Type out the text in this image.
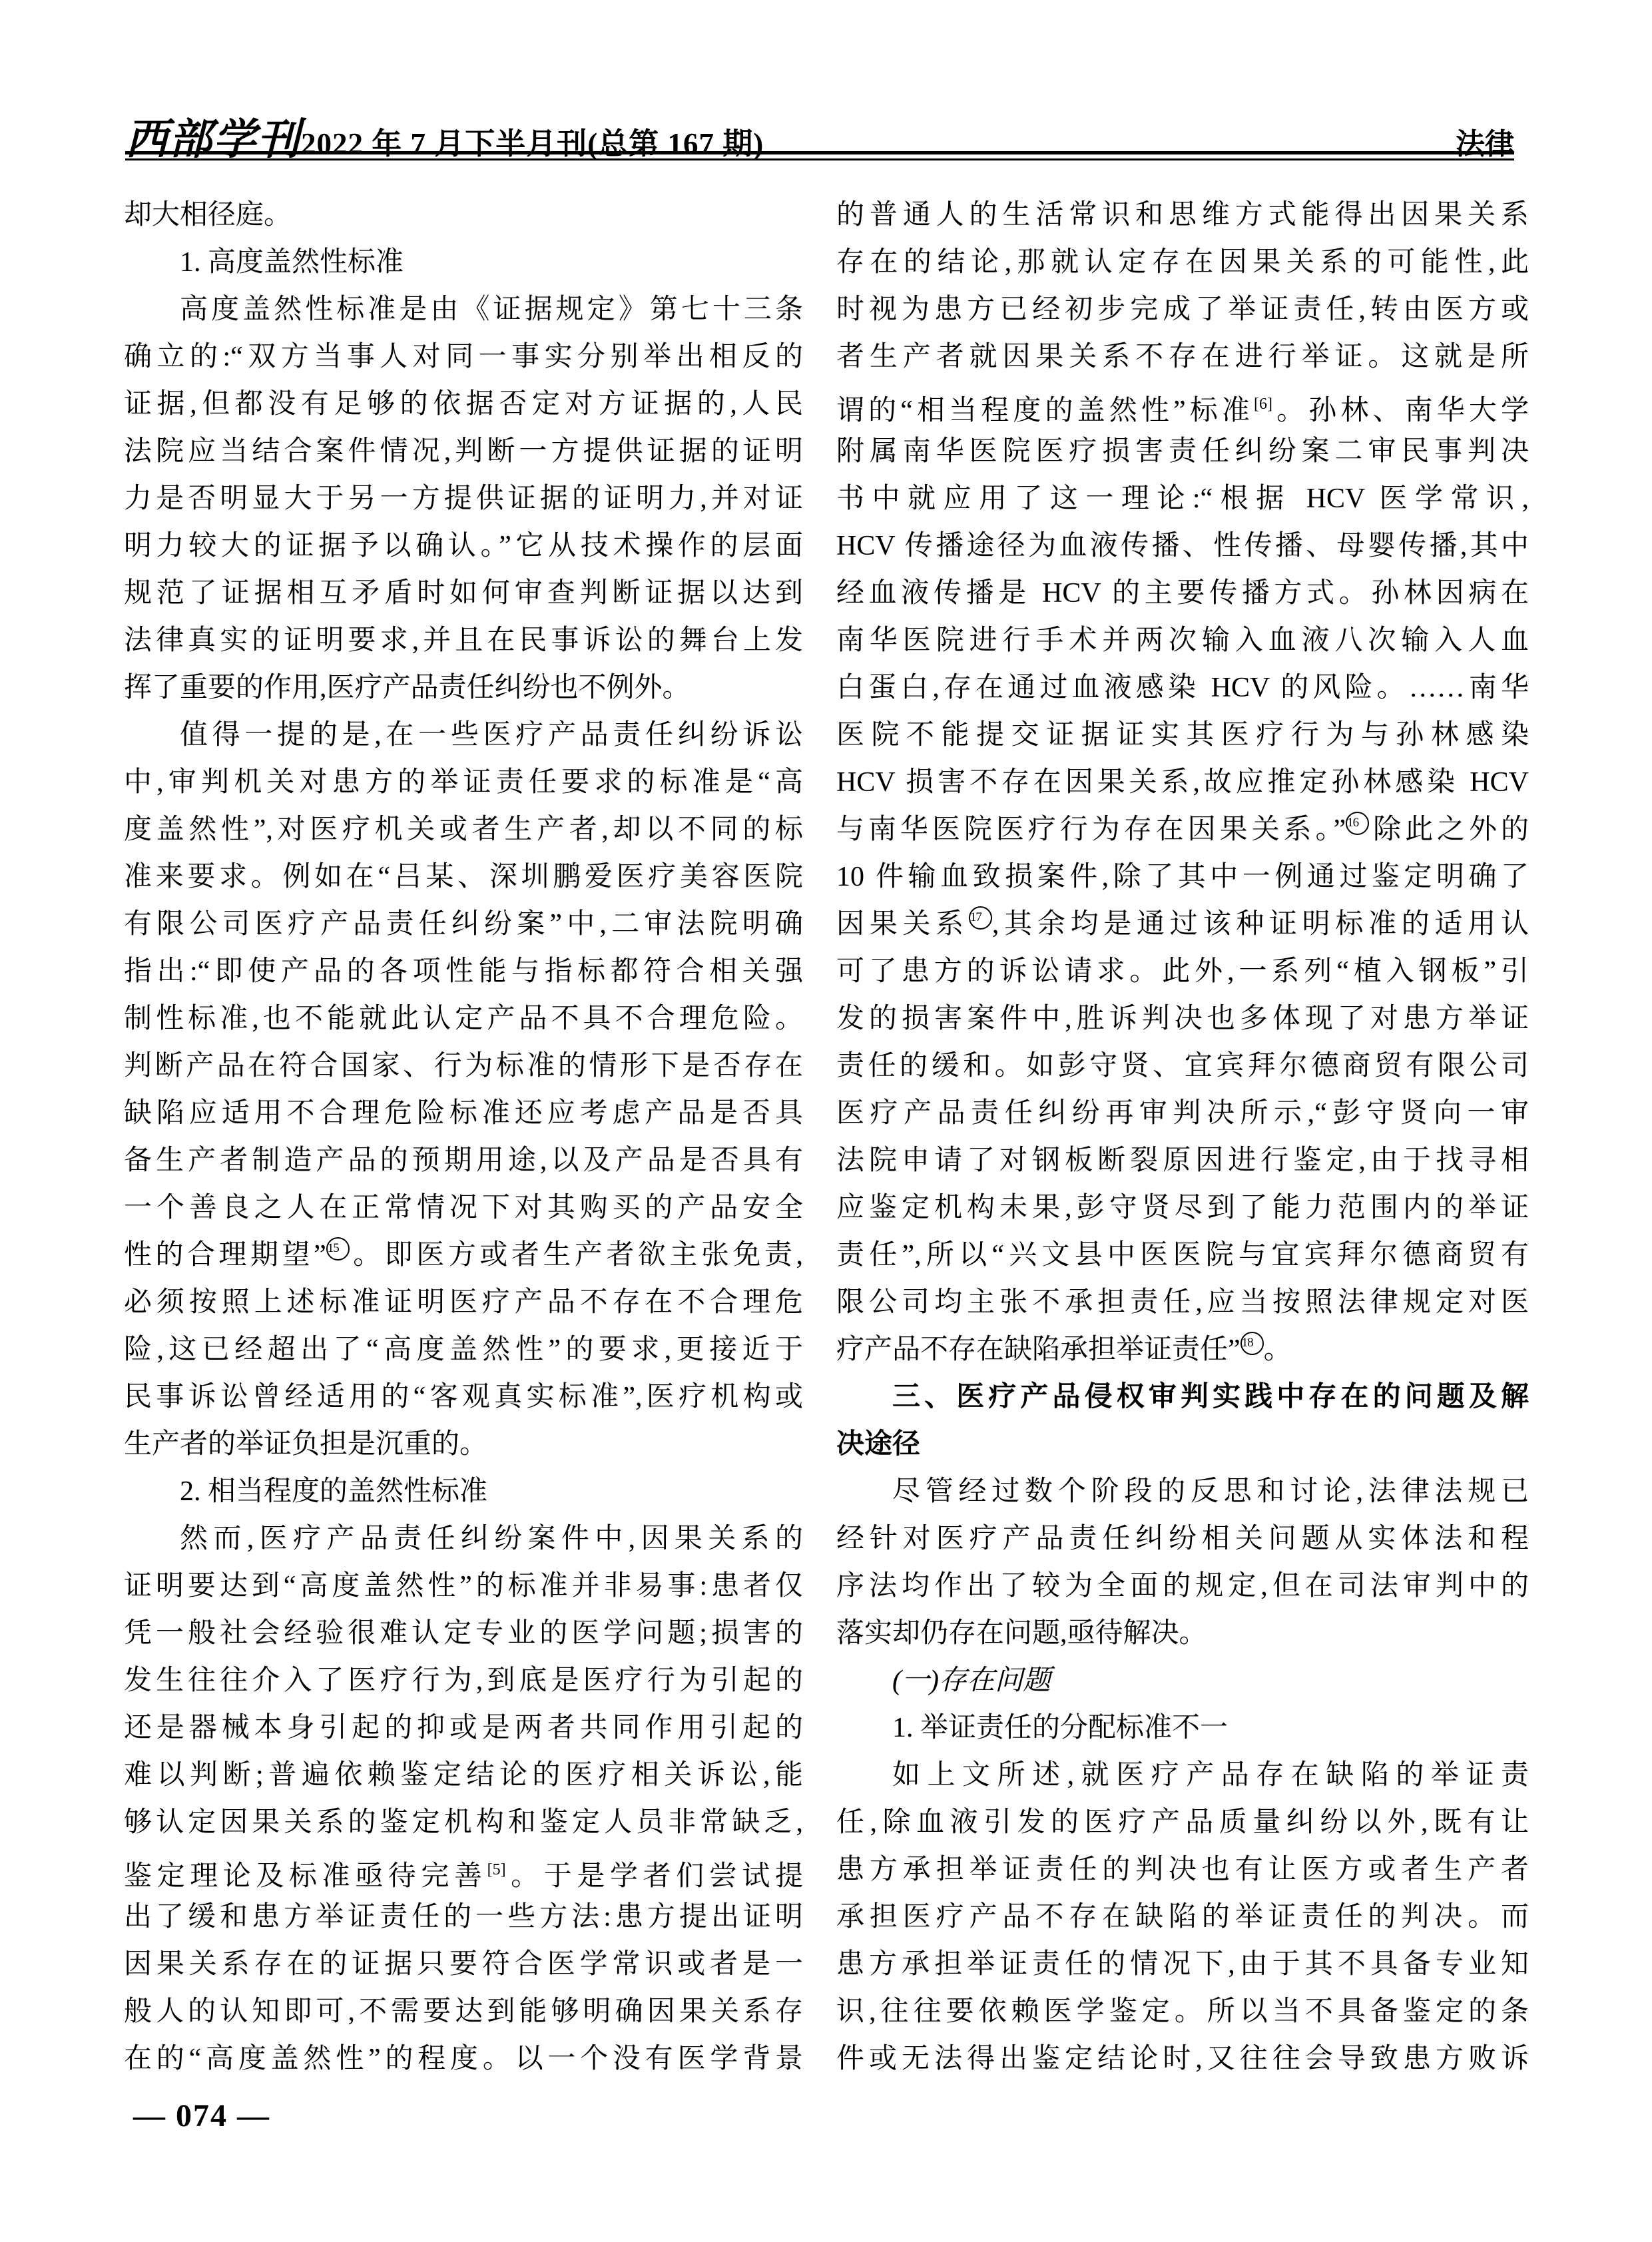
西部学刊 2022 年 7 月下半月刊(总第 167 期)	法律
却大相径庭。
1. 高度盖然性标准
高度盖然性标准是由《证据规定》第七十三条
确立的:“双方当事人对同一事实分别举出相反的
证据,但都没有足够的依据否定对方证据的,人民
法院应当结合案件情况,判断一方提供证据的证明
力是否明显大于另一方提供证据的证明力,并对证
明力较大的证据予以确认。”它从技术操作的层面
规范了证据相互矛盾时如何审查判断证据以达到
法律真实的证明要求,并且在民事诉讼的舞台上发
挥了重要的作用,医疗产品责任纠纷也不例外。
值得一提的是,在一些医疗产品责任纠纷诉讼
中,审判机关对患方的举证责任要求的标准是“高
度盖然性”,对医疗机关或者生产者,却以不同的标
准来要求。例如在“吕某、深圳鹏爱医疗美容医院
有限公司医疗产品责任纠纷案”中,二审法院明确
指出:“即使产品的各项性能与指标都符合相关强
制性标准,也不能就此认定产品不具不合理危险。
判断产品在符合国家、行为标准的情形下是否存在
缺陷应适用不合理危险标准还应考虑产品是否具
备生产者制造产品的预期用途,以及产品是否具有
一个善良之人在正常情况下对其购买的产品安全
性的合理期望” 15 。即医方或者生产者欲主张免责,
必须按照上述标准证明医疗产品不存在不合理危
险,这已经超出了“高度盖然性”的要求,更接近于
民事诉讼曾经适用的“客观真实标准”,医疗机构或
生产者的举证负担是沉重的。
2. 相当程度的盖然性标准
然而,医疗产品责任纠纷案件中,因果关系的
证明要达到“高度盖然性”的标准并非易事:患者仅
凭一般社会经验很难认定专业的医学问题;损害的
发生往往介入了医疗行为,到底是医疗行为引起的
还是器械本身引起的抑或是两者共同作用引起的
难以判断;普遍依赖鉴定结论的医疗相关诉讼,能
够认定因果关系的鉴定机构和鉴定人员非常缺乏,
鉴定理论及标准亟待完善[5]。于是学者们尝试提
出了缓和患方举证责任的一些方法:患方提出证明
因果关系存在的证据只要符合医学常识或者是一
般人的认知即可,不需要达到能够明确因果关系存
在的“高度盖然性”的程度。以一个没有医学背景
的普通人的生活常识和思维方式能得出因果关系
存在的结论,那就认定存在因果关系的可能性,此
时视为患方已经初步完成了举证责任,转由医方或
者生产者就因果关系不存在进行举证。这就是所
谓的“相当程度的盖然性”标准[6]。孙林、南华大学
附属南华医院医疗损害责任纠纷案二审民事判决
书中就应用了这一理论:“根据 HCV 医学常识,
HCV 传播途径为血液传播、性传播、母婴传播,其中
经血液传播是 HCV 的主要传播方式。孙林因病在
南华医院进行手术并两次输入血液八次输入人血
白蛋白,存在通过血液感染 HCV 的风险。……南华
医院不能提交证据证实其医疗行为与孙林感染
HCV 损害不存在因果关系,故应推定孙林感染 HCV
与南华医院医疗行为存在因果关系。” 16 除此之外的
10 件输血致损案件,除了其中一例通过鉴定明确了
因果关系 17 ,其余均是通过该种证明标准的适用认
可了患方的诉讼请求。此外,一系列“植入钢板”引
发的损害案件中,胜诉判决也多体现了对患方举证
责任的缓和。如彭守贤、宜宾拜尔德商贸有限公司
医疗产品责任纠纷再审判决所示,“彭守贤向一审
法院申请了对钢板断裂原因进行鉴定,由于找寻相
应鉴定机构未果,彭守贤尽到了能力范围内的举证
责任”,所以“兴文县中医医院与宜宾拜尔德商贸有
限公司均主张不承担责任,应当按照法律规定对医
疗产品不存在缺陷承担举证责任” 18 。
三、医疗产品侵权审判实践中存在的问题及解
决途径
尽管经过数个阶段的反思和讨论,法律法规已
经针对医疗产品责任纠纷相关问题从实体法和程
序法均作出了较为全面的规定,但在司法审判中的
落实却仍存在问题,亟待解决。
(一)存在问题
1. 举证责任的分配标准不一
如上文所述,就医疗产品存在缺陷的举证责
任,除血液引发的医疗产品质量纠纷以外,既有让
患方承担举证责任的判决也有让医方或者生产者
承担医疗产品不存在缺陷的举证责任的判决。而
患方承担举证责任的情况下,由于其不具备专业知
识,往往要依赖医学鉴定。所以当不具备鉴定的条
件或无法得出鉴定结论时,又往往会导致患方败诉
— 074 —
